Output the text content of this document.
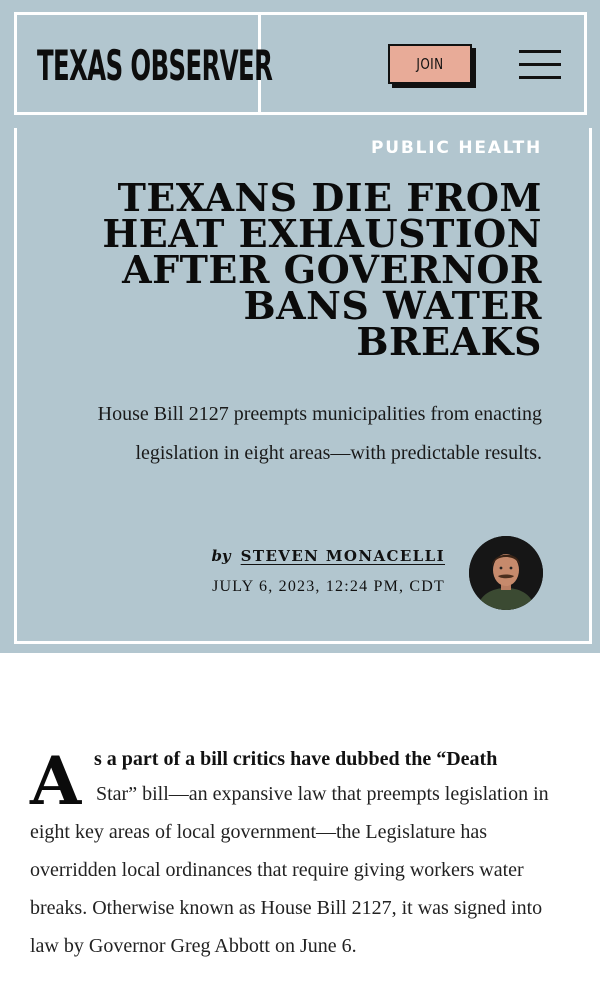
TEXAS OBSERVER	JOIN
PUBLIC HEALTH
TEXANS DIE FROM HEAT EXHAUSTION AFTER GOVERNOR BANS WATER BREAKS

House Bill 2127 preempts municipalities from enacting legislation in eight areas—with predictable results.

by STEVEN MONACELLI
JULY 6, 2023, 12:24 PM, CDT
A s a part of a bill critics have dubbed the “Death

Star” bill—an expansive law that preempts legislation in eight key areas of local government—the Legislature has overridden local ordinances that require giving workers water breaks. Otherwise known as House Bill 2127, it was signed into law by Governor Greg Abbott on June 6.
